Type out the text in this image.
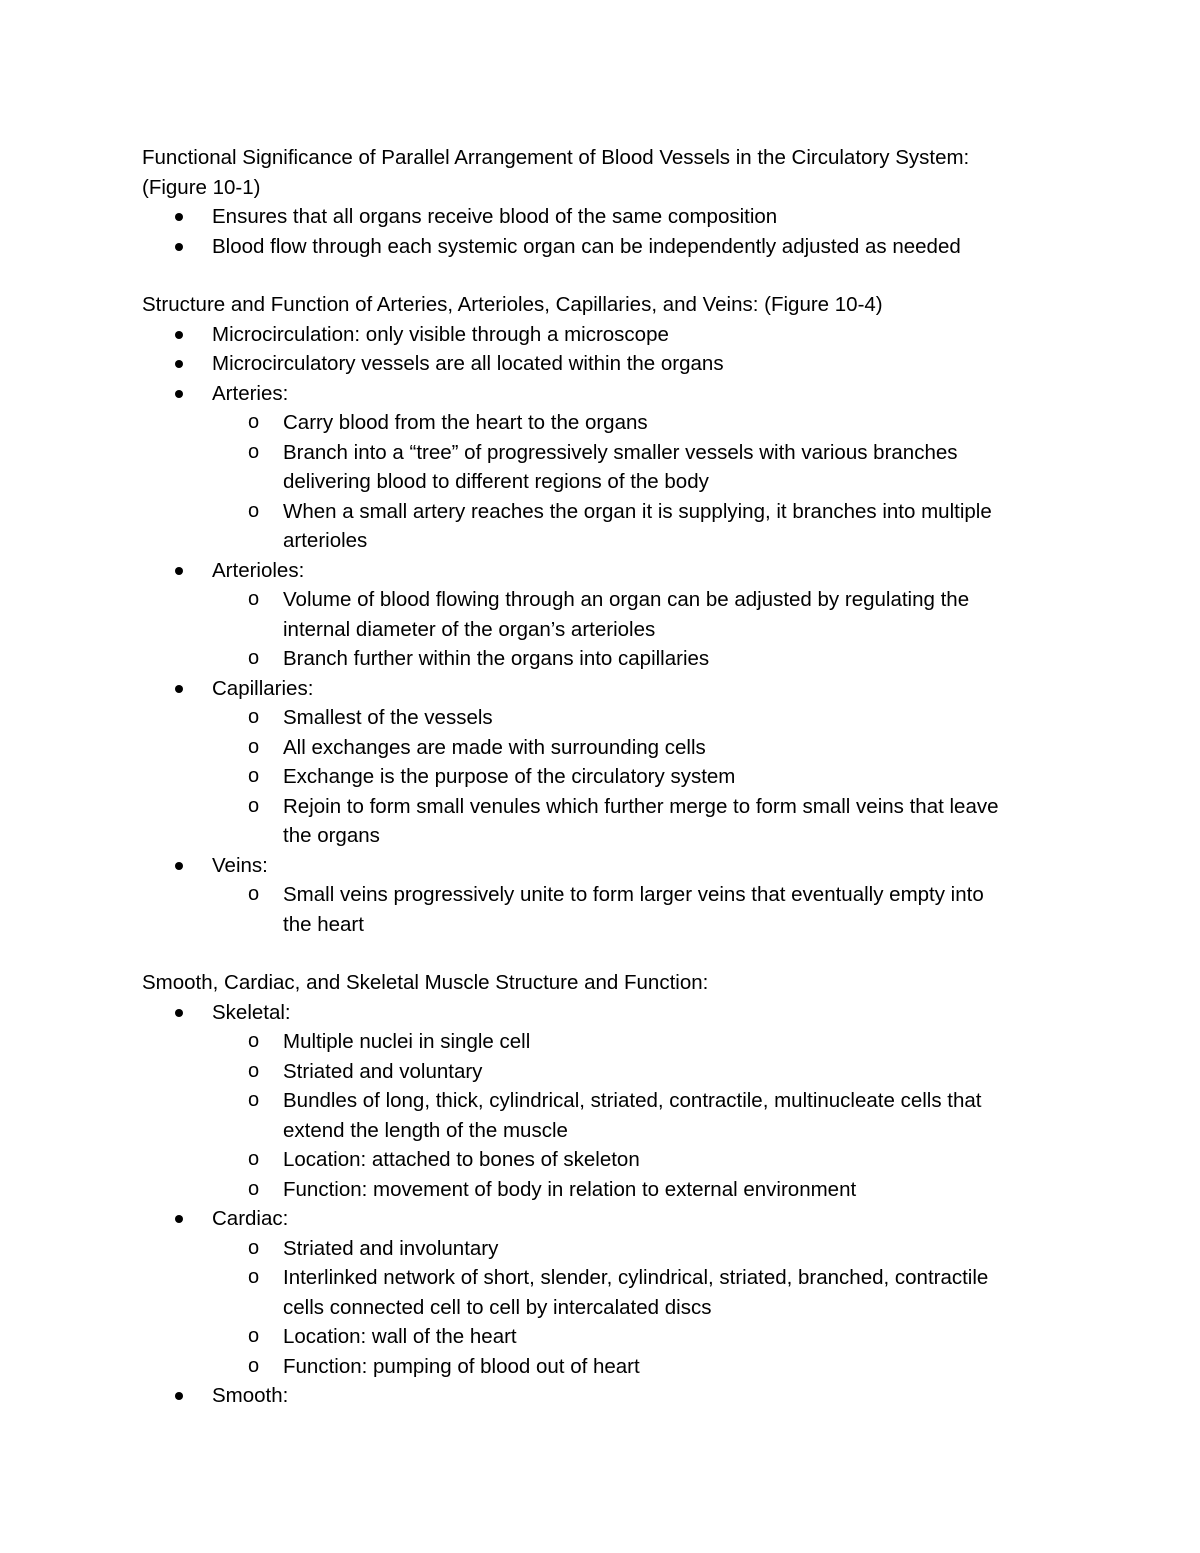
Functional Significance of Parallel Arrangement of Blood Vessels in the Circulatory System:
(Figure 10-1)
Ensures that all organs receive blood of the same composition
Blood flow through each systemic organ can be independently adjusted as needed
Structure and Function of Arteries, Arterioles, Capillaries, and Veins: (Figure 10-4)
Microcirculation: only visible through a microscope
Microcirculatory vessels are all located within the organs
Arteries:
o Carry blood from the heart to the organs
o Branch into a “tree” of progressively smaller vessels with various branches
delivering blood to different regions of the body
o When a small artery reaches the organ it is supplying, it branches into multiple
arterioles
Arterioles:
o Volume of blood flowing through an organ can be adjusted by regulating the
internal diameter of the organ’s arterioles
o Branch further within the organs into capillaries
Capillaries:
o Smallest of the vessels
o All exchanges are made with surrounding cells
o Exchange is the purpose of the circulatory system
o Rejoin to form small venules which further merge to form small veins that leave
the organs
Veins:
o Small veins progressively unite to form larger veins that eventually empty into
the heart
Smooth, Cardiac, and Skeletal Muscle Structure and Function:
Skeletal:
o Multiple nuclei in single cell
o Striated and voluntary
o Bundles of long, thick, cylindrical, striated, contractile, multinucleate cells that
extend the length of the muscle
o Location: attached to bones of skeleton
o Function: movement of body in relation to external environment
Cardiac:
o Striated and involuntary
o Interlinked network of short, slender, cylindrical, striated, branched, contractile
cells connected cell to cell by intercalated discs
o Location: wall of the heart
o Function: pumping of blood out of heart
Smooth:
